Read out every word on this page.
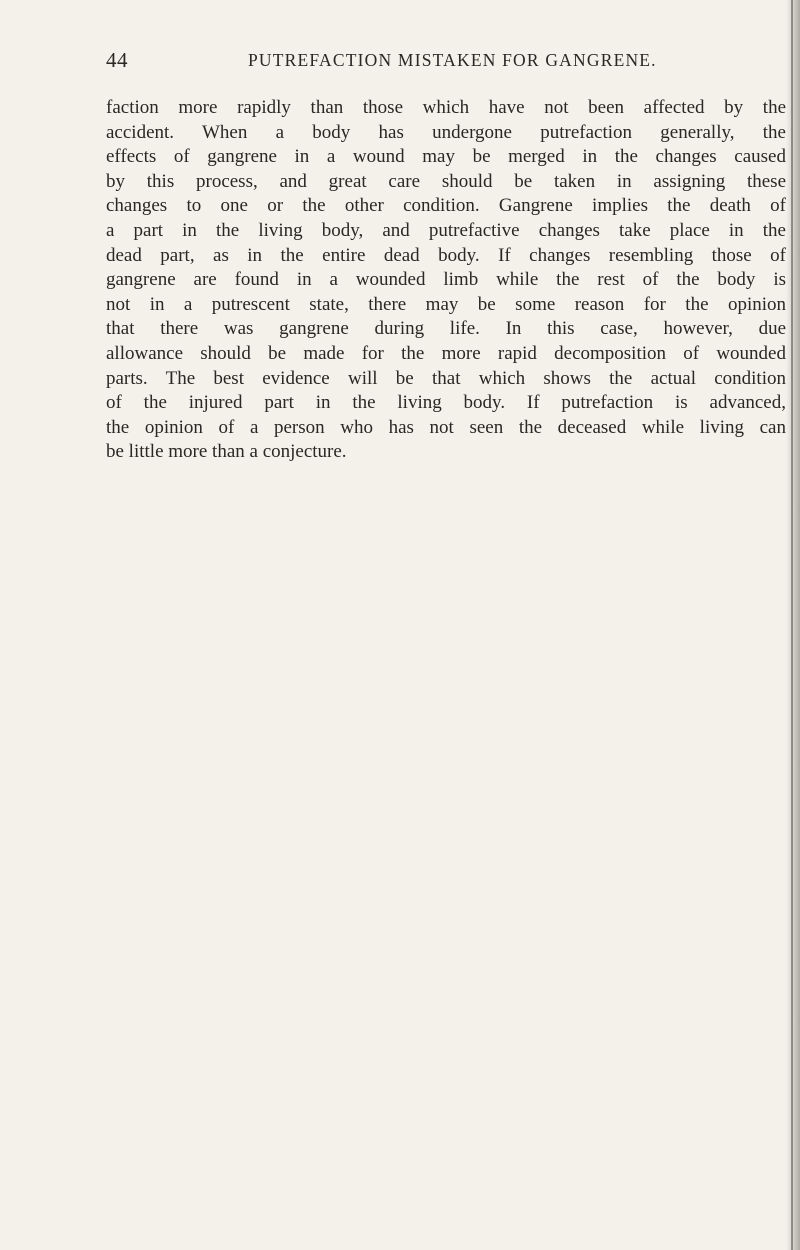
44	PUTREFACTION MISTAKEN FOR GANGRENE.

faction more rapidly than those which have not been affected by the
accident. When a body has undergone putrefaction generally, the
effects of gangrene in a wound may be merged in the changes caused
by this process, and great care should be taken in assigning these
changes to one or the other condition. Gangrene implies the death of
a part in the living body, and putrefactive changes take place in the
dead part, as in the entire dead body. If changes resembling those of
gangrene are found in a wounded limb while the rest of the body is
not in a putrescent state, there may be some reason for the opinion
that there was gangrene during life. In this case, however, due
allowance should be made for the more rapid decomposition of wounded
parts. The best evidence will be that which shows the actual condition
of the injured part in the living body. If putrefaction is advanced,
the opinion of a person who has not seen the deceased while living can
be little more than a conjecture.
